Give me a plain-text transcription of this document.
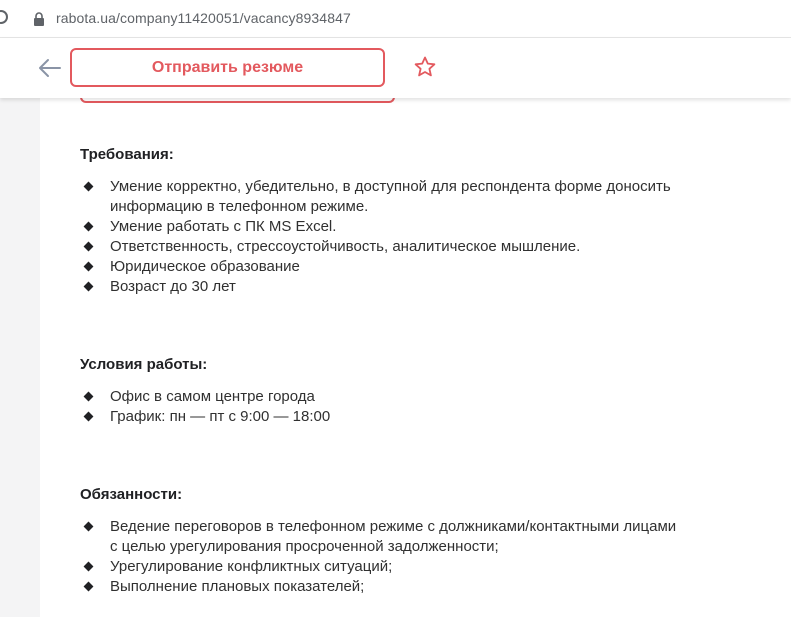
rabota.ua/company11420051/vacancy8934847
Отправить резюме
Требования:
Умение корректно, убедительно, в доступной для респондента форме доносить
информацию в телефонном режиме.
Умение работать с ПК MS Excel.
Ответственность, стрессоустойчивость, аналитическое мышление.
Юридическое образование
Возраст до 30 лет
Условия работы:
Офис в самом центре города
График: пн — пт с 9:00 — 18:00
Обязанности:
Ведение переговоров в телефонном режиме с должниками/контактными лицами
с целью урегулирования просроченной задолженности;
Урегулирование конфликтных ситуаций;
Выполнение плановых показателей;
